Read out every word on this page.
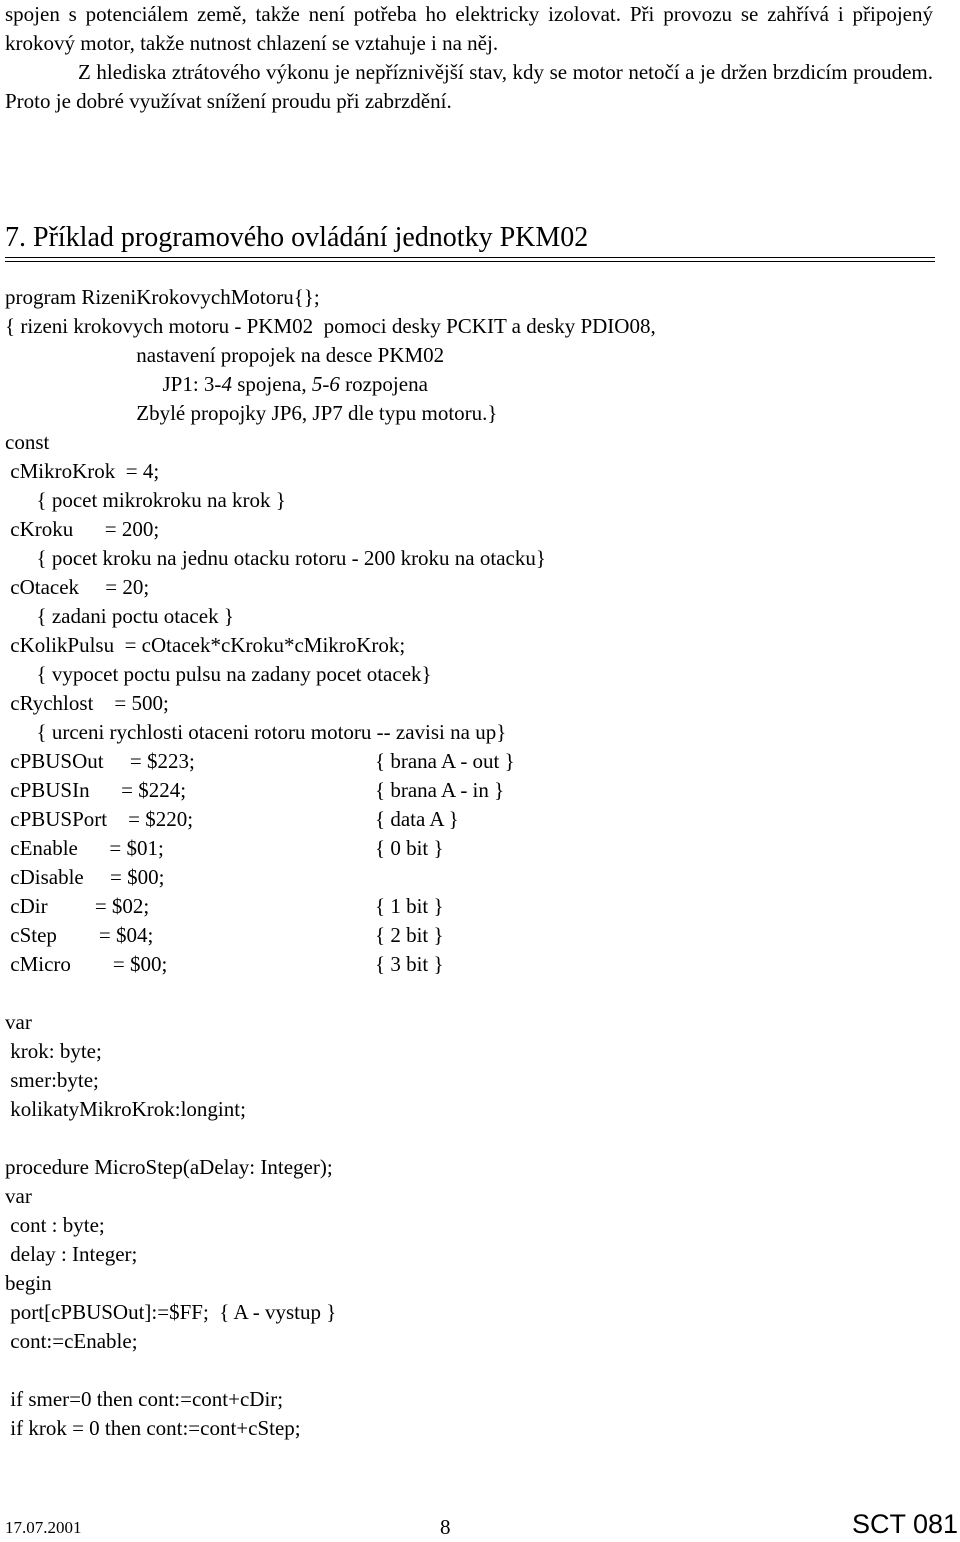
spojen s potenciálem země, takže není potřeba ho elektricky izolovat. Při provozu se zahřívá i připojený krokový motor, takže nutnost chlazení se vztahuje i na něj.

Z hlediska ztrátového výkonu je nepříznivější stav, kdy se motor netočí a je držen brzdicím proudem. Proto je dobré využívat snížení proudu při zabrzdění.

7. Příklad programového ovládání jednotky PKM02
program RizeniKrokovychMotoru{};
{ rizeni krokovych motoru - PKM02  pomoci desky PCKIT a desky PDIO08,
nastavení propojek na desce PKM02
JP1: 3-4 spojena, 5-6 rozpojena
Zbylé propojky JP6, JP7 dle typu motoru.}
const
cMikroKrok  = 4;
{ pocet mikrokroku na krok }
cKroku      = 200;
{ pocet kroku na jednu otacku rotoru - 200 kroku na otacku}
cOtacek     = 20;
{ zadani poctu otacek }
cKolikPulsu  = cOtacek*cKroku*cMikroKrok;
{ vypocet poctu pulsu na zadany pocet otacek}
cRychlost    = 500;
{ urceni rychlosti otaceni rotoru motoru -- zavisi na up}
cPBUSOut     = $223;	{ brana A - out }
cPBUSIn      = $224;	{ brana A - in }
cPBUSPort    = $220;	{ data A }
cEnable      = $01;	{ 0 bit }
cDisable     = $00;
cDir         = $02;	{ 1 bit }
cStep        = $04;	{ 2 bit }
cMicro        = $00;	{ 3 bit }
var
krok: byte;
smer:byte;
kolikatyMikroKrok:longint;
procedure MicroStep(aDelay: Integer);
var
cont : byte;
delay : Integer;
begin
port[cPBUSOut]:=$FF;  { A - vystup }
cont:=cEnable;
if smer=0 then cont:=cont+cDir;
if krok = 0 then cont:=cont+cStep;
17.07.2001	8	SCT 081
